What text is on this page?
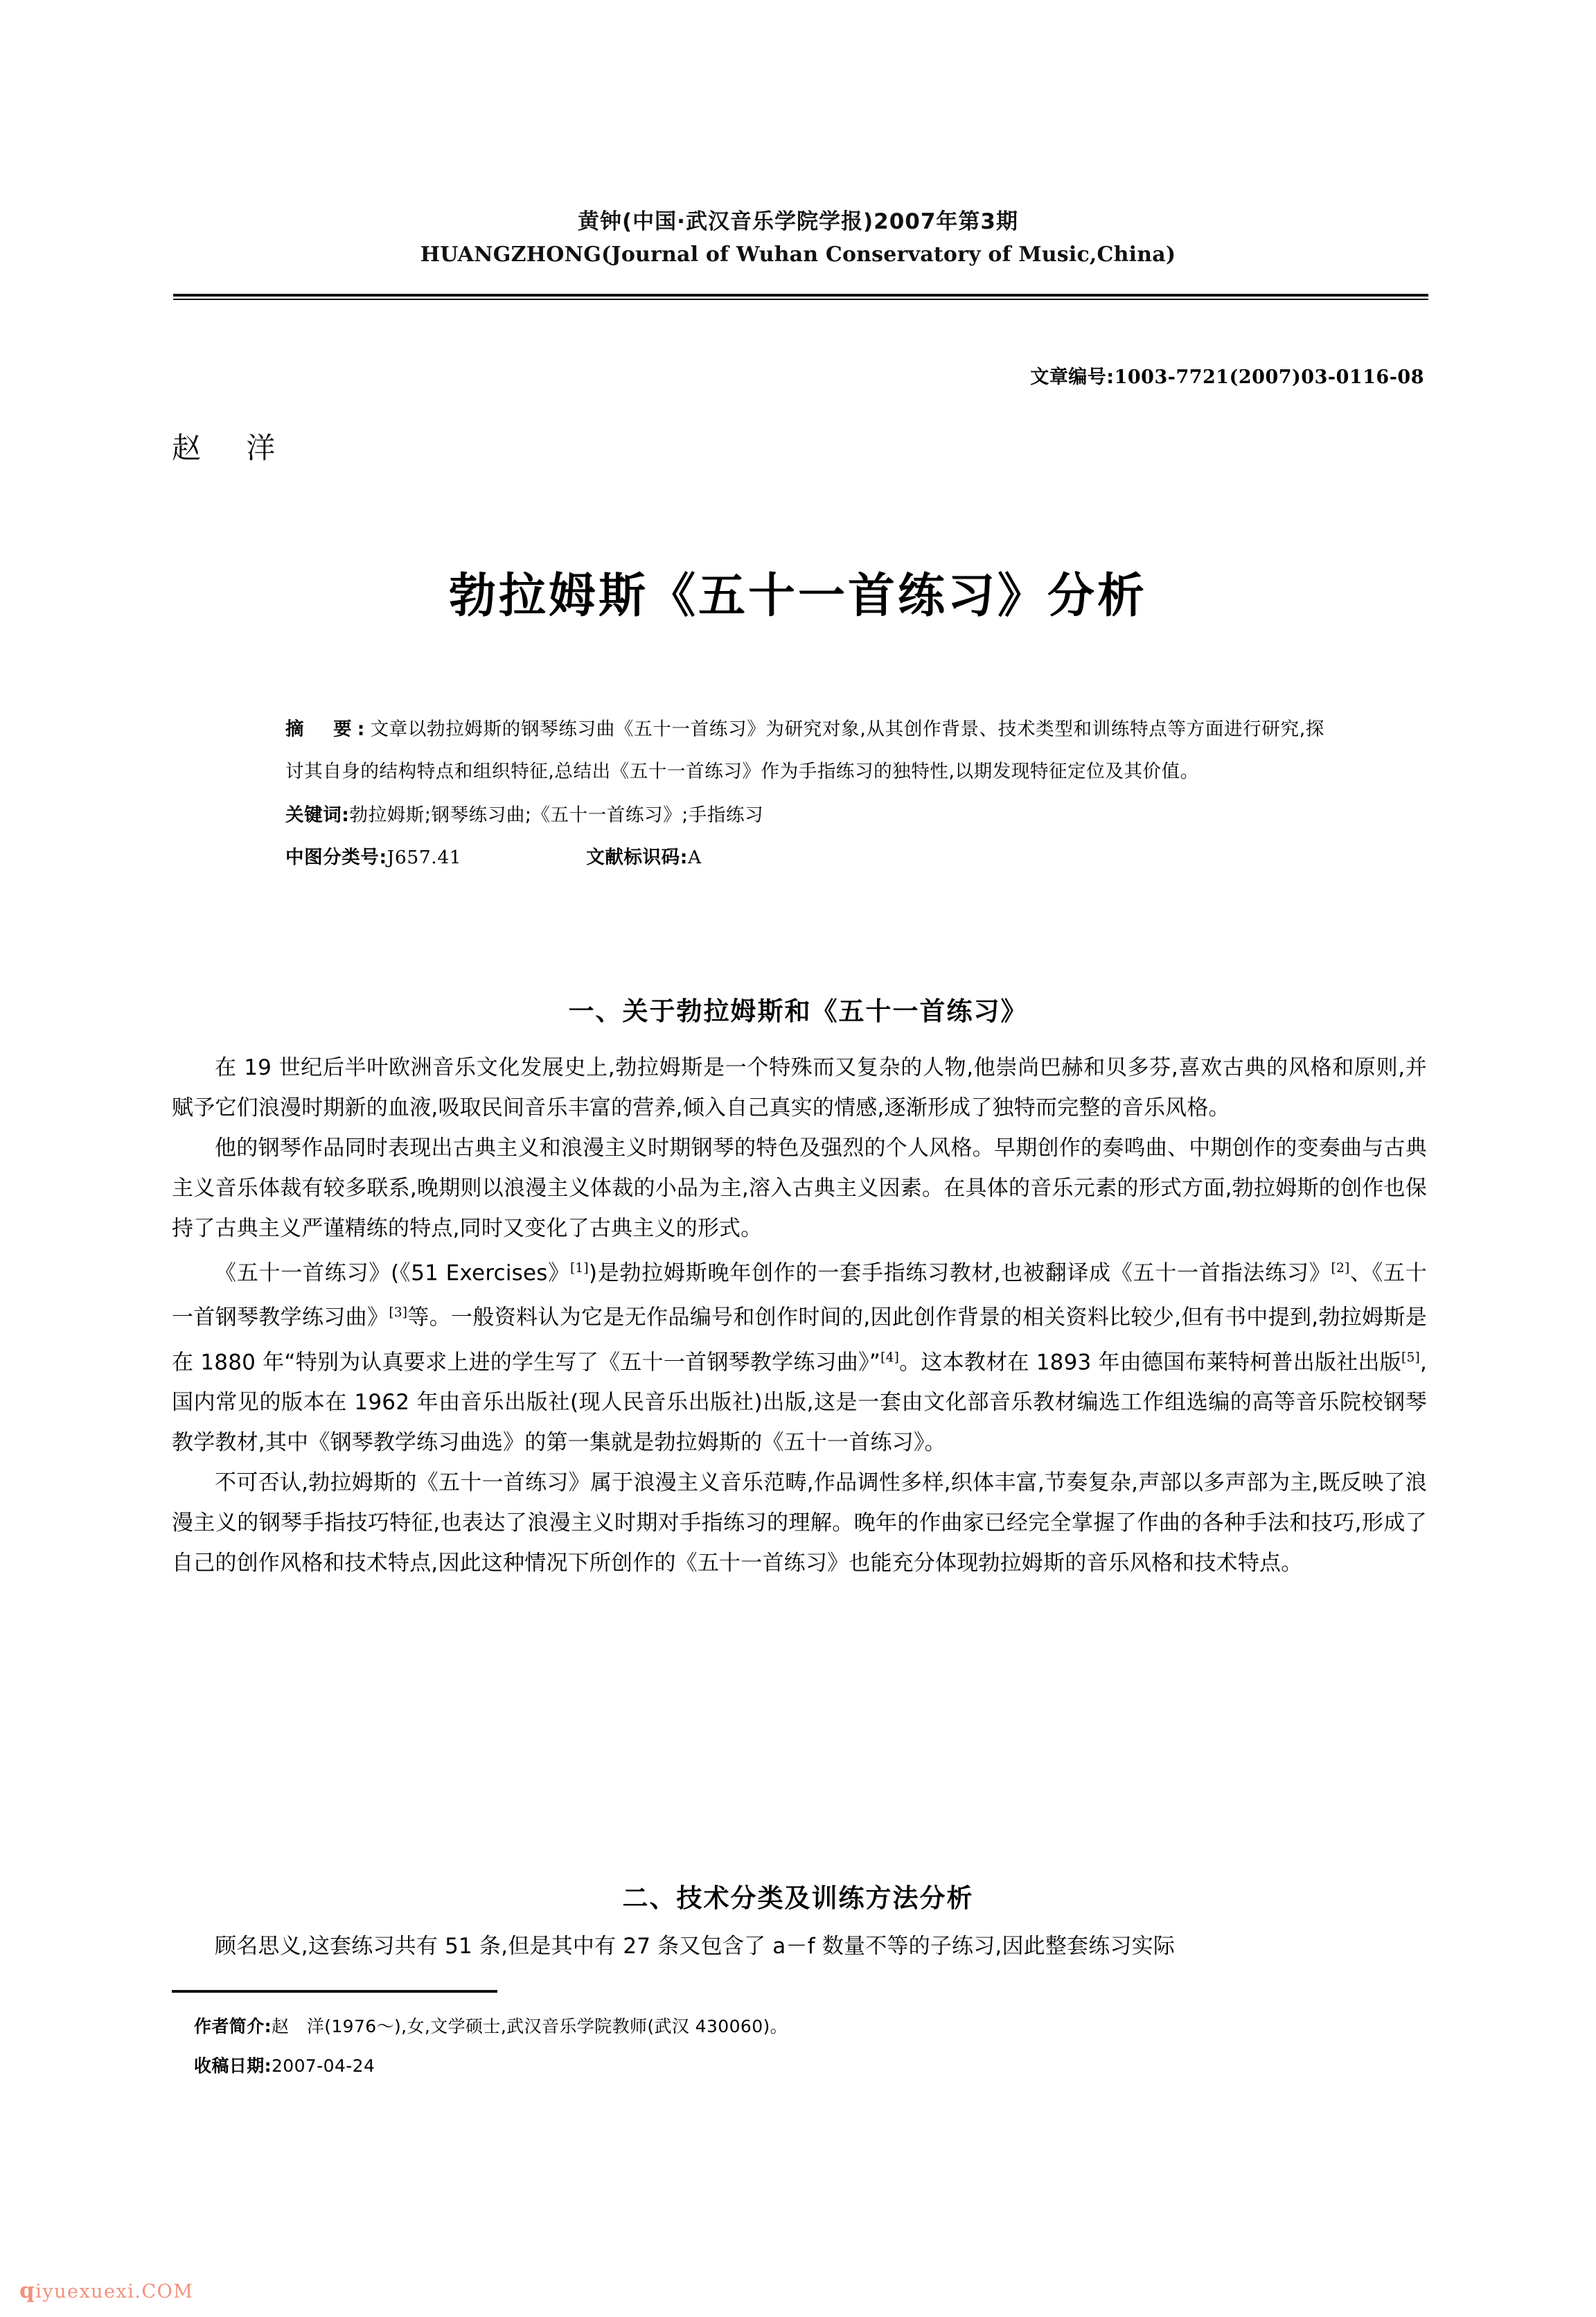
黄钟(中国·武汉音乐学院学报)2007年第3期
HUANGZHONG(Journal of Wuhan Conservatory of Music,China)
文章编号:1003-7721(2007)03-0116-08
赵 洋
勃拉姆斯《五十一首练习》分析
摘　要:文章以勃拉姆斯的钢琴练习曲《五十一首练习》为研究对象,从其创作背景、技术类型和训练特点等方面进行研究,探讨其自身的结构特点和组织特征,总结出《五十一首练习》作为手指练习的独特性,以期发现特征定位及其价值。
关键词:勃拉姆斯;钢琴练习曲;《五十一首练习》;手指练习
中图分类号:J657.41	文献标识码:A
一、关于勃拉姆斯和《五十一首练习》

在 19 世纪后半叶欧洲音乐文化发展史上,勃拉姆斯是一个特殊而又复杂的人物,他崇尚巴赫和贝多芬,喜欢古典的风格和原则,并赋予它们浪漫时期新的血液,吸取民间音乐丰富的营养,倾入自己真实的情感,逐渐形成了独特而完整的音乐风格。

他的钢琴作品同时表现出古典主义和浪漫主义时期钢琴的特色及强烈的个人风格。早期创作的奏鸣曲、中期创作的变奏曲与古典主义音乐体裁有较多联系,晚期则以浪漫主义体裁的小品为主,溶入古典主义因素。在具体的音乐元素的形式方面,勃拉姆斯的创作也保持了古典主义严谨精练的特点,同时又变化了古典主义的形式。

《五十一首练习》(《51 Exercises》[1])是勃拉姆斯晚年创作的一套手指练习教材,也被翻译成《五十一首指法练习》[2]、《五十一首钢琴教学练习曲》[3]等。一般资料认为它是无作品编号和创作时间的,因此创作背景的相关资料比较少,但有书中提到,勃拉姆斯是在 1880 年“特别为认真要求上进的学生写了《五十一首钢琴教学练习曲》”[4]。这本教材在 1893 年由德国布莱特柯普出版社出版[5],国内常见的版本在 1962 年由音乐出版社(现人民音乐出版社)出版,这是一套由文化部音乐教材编选工作组选编的高等音乐院校钢琴教学教材,其中《钢琴教学练习曲选》的第一集就是勃拉姆斯的《五十一首练习》。

不可否认,勃拉姆斯的《五十一首练习》属于浪漫主义音乐范畴,作品调性多样,织体丰富,节奏复杂,声部以多声部为主,既反映了浪漫主义的钢琴手指技巧特征,也表达了浪漫主义时期对手指练习的理解。晚年的作曲家已经完全掌握了作曲的各种手法和技巧,形成了自己的创作风格和技术特点,因此这种情况下所创作的《五十一首练习》也能充分体现勃拉姆斯的音乐风格和技术特点。

二、技术分类及训练方法分析

顾名思义,这套练习共有 51 条,但是其中有 27 条又包含了 a－f 数量不等的子练习,因此整套练习实际

作者简介:赵　洋(1976～),女,文学硕士,武汉音乐学院教师(武汉 430060)。
收稿日期:2007-04-24
qiyuexuexi.COM
